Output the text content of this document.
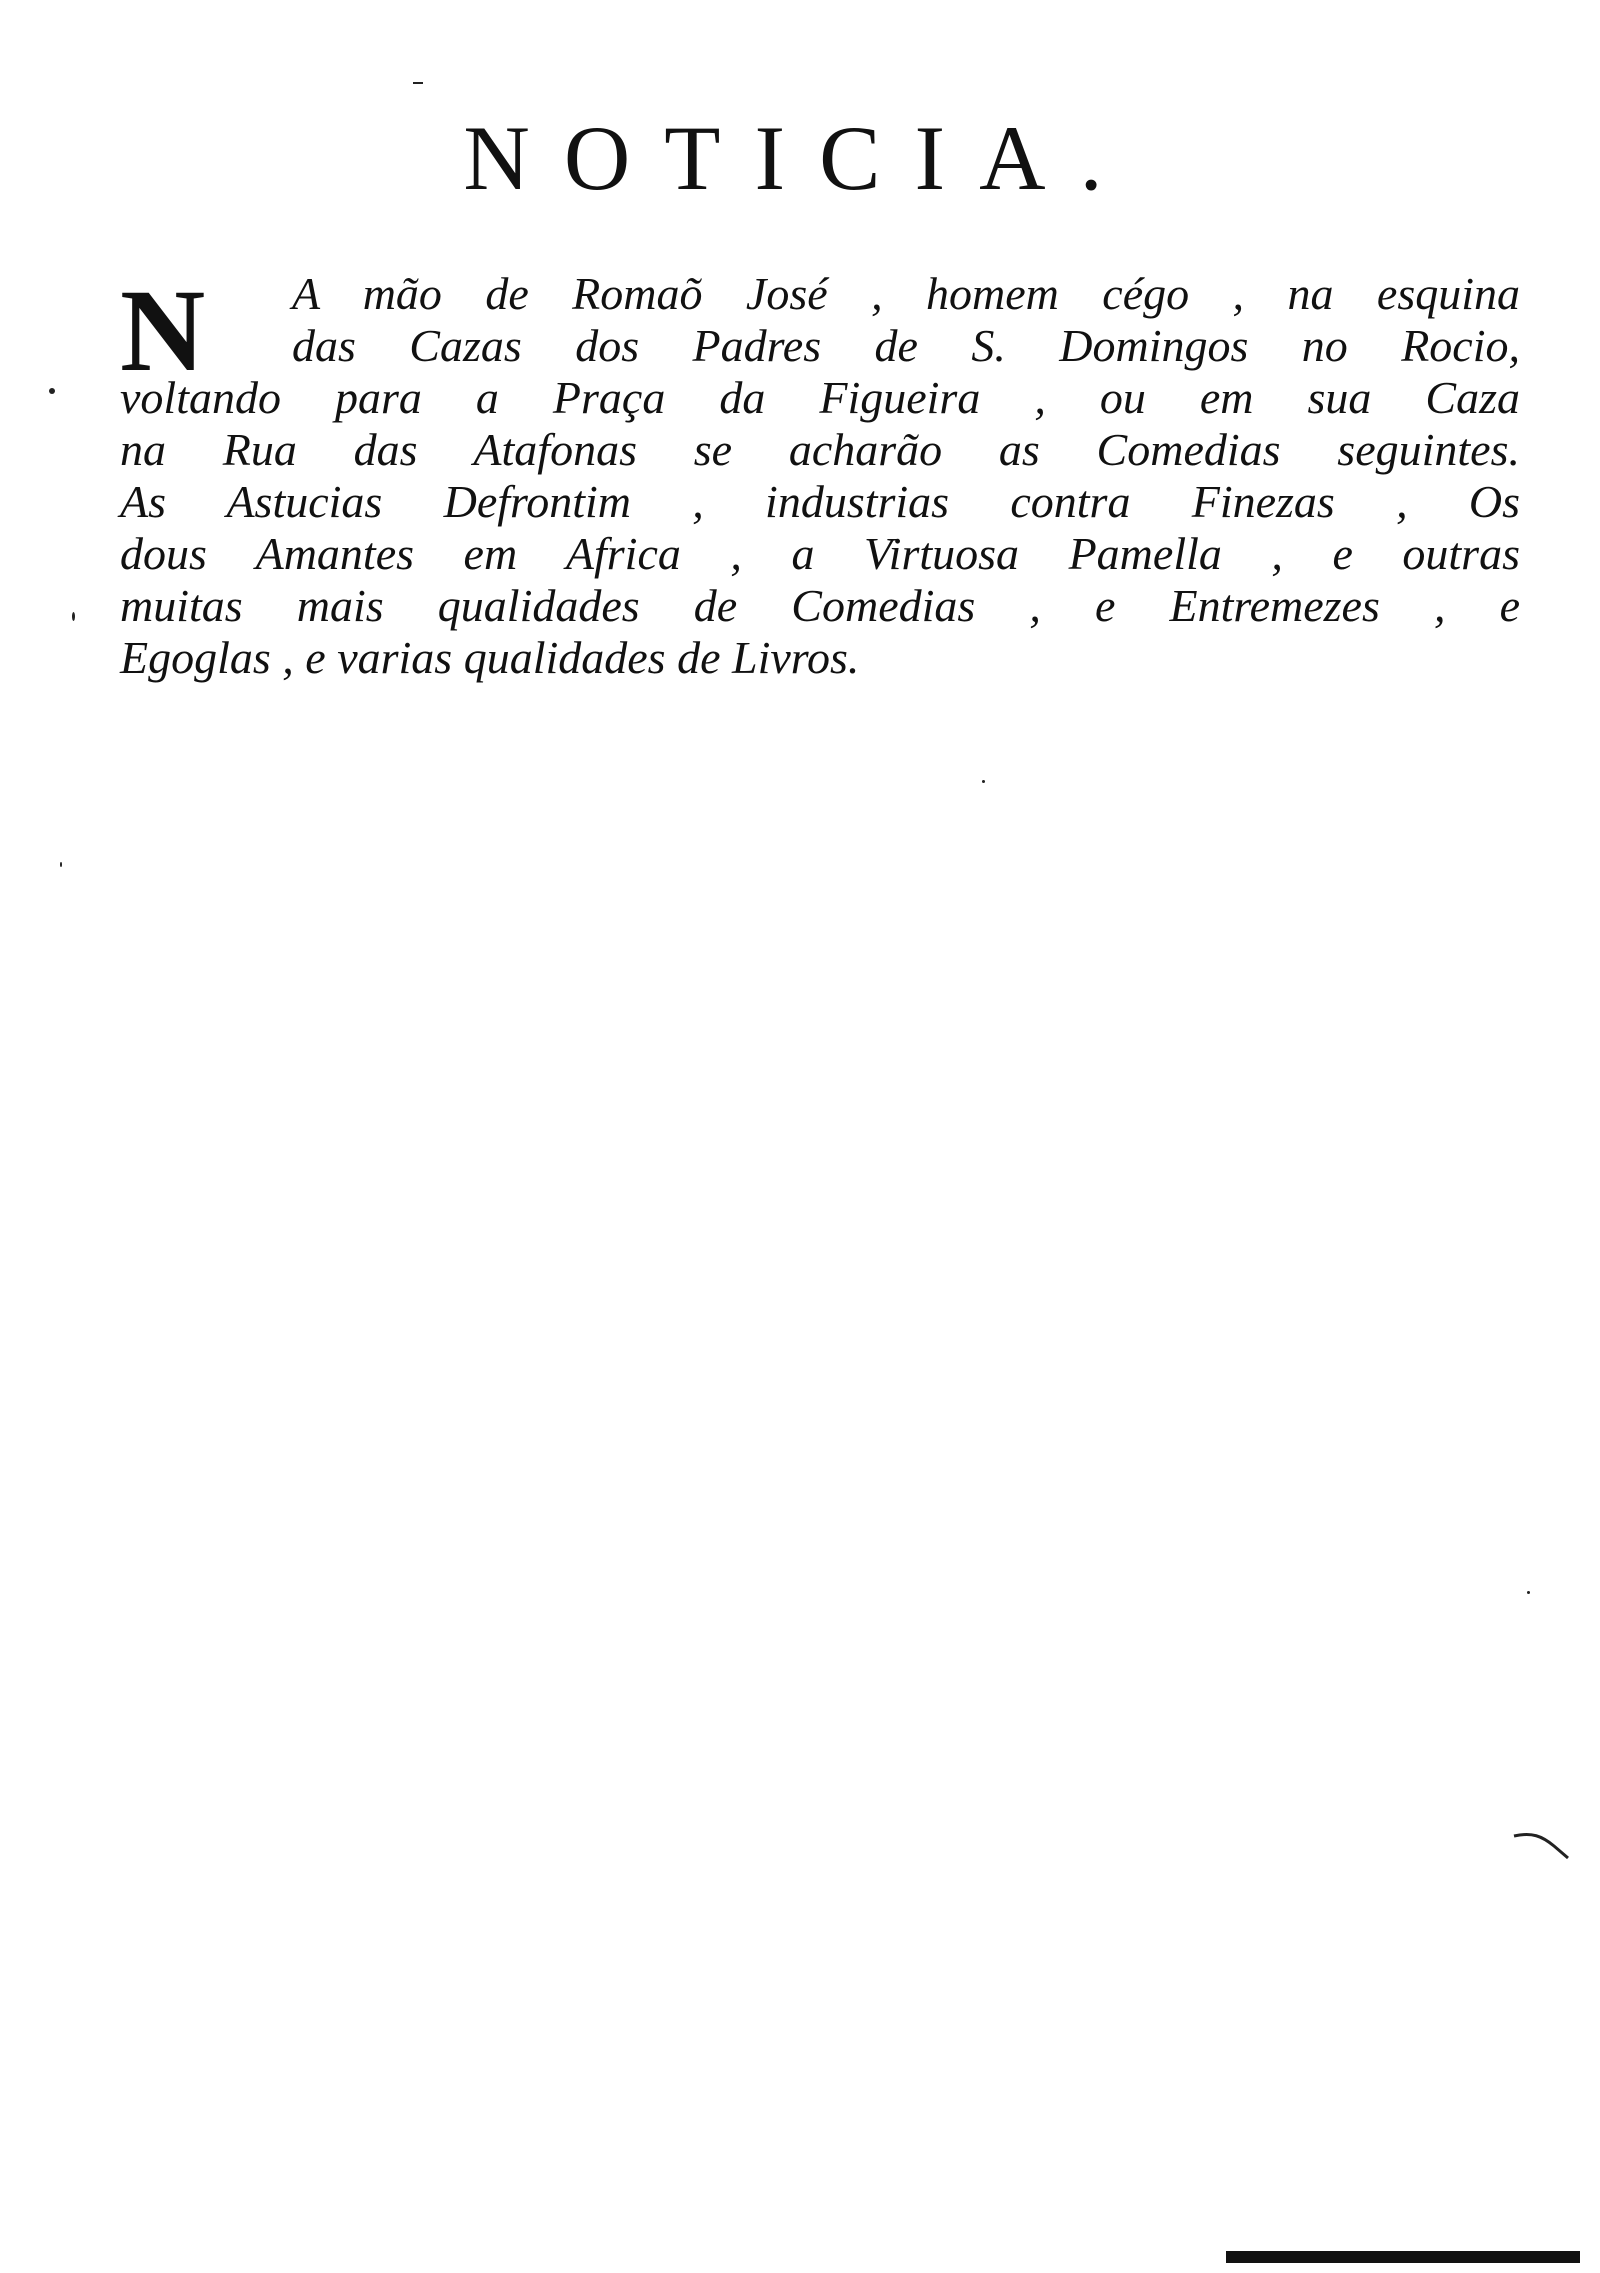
NOTICIA.
N A mão de Romaõ José , homem cégo , na esquina
das Cazas dos Padres de S. Domingos no Rocio,
voltando para a Praça da Figueira , ou em sua Caza
na Rua das Atafonas se acharão as Comedias seguintes.
As Astucias Defrontim , industrias contra Finezas , Os
dous Amantes em Africa , a Virtuosa Pamella , e outras
muitas mais qualidades de Comedias , e Entremezes , e
Egoglas , e varias qualidades de Livros.
